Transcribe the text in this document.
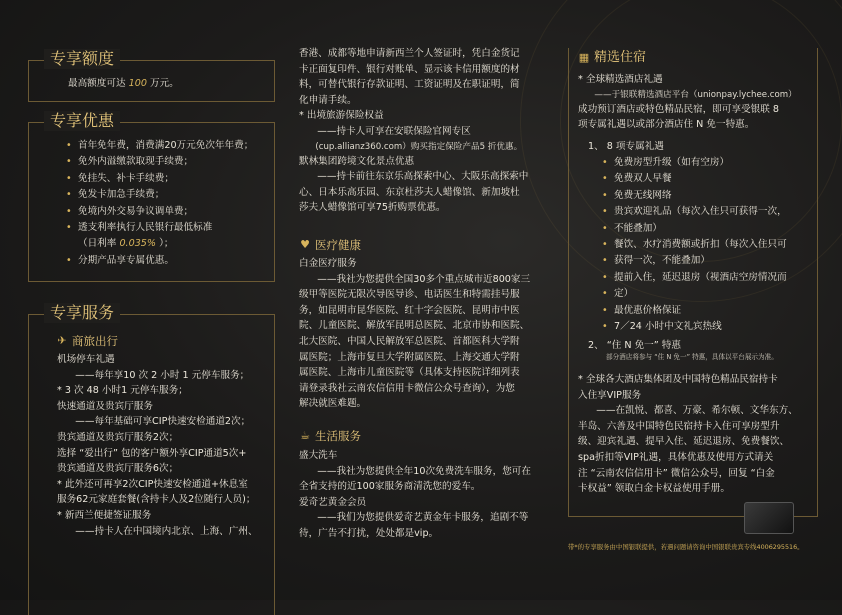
专享额度
最高额度可达 100 万元。
专享优惠
• 首年免年费，消费满20万元免次年年费；
• 免外内溢缴款取现手续费；
• 免挂失、补卡手续费；
• 免发卡加急手续费；
• 免境内外交易争议调单费；
• 透支利率执行人民银行最低标准
（日利率 0.035% ）；
• 分期产品享专属优惠。
专享服务
✈ 商旅出行
机场停车礼遇
——每年享10 次 2 小时 1 元停车服务；
* 3 次 48 小时1 元停车服务；
快速通道及贵宾厅服务
——每年基础可享CIP快速安检通道2次；
贵宾通道及贵宾厅服务2次；
选择 “爱出行” 包的客户额外享CIP通道5次+
贵宾通道及贵宾厅服务6次；
* 此外还可再享2次CIP快速安检通道+休息室
服务62元家庭套餐(含持卡人及2位随行人员)；
* 新西兰便捷签证服务
——持卡人在中国境内北京、上海、广州、
香港、成都等地申请新西兰个人签证时，凭白金货记
卡正面复印件、银行对账单、显示该卡信用额度的材
料，可替代银行存款证明、工资证明及在职证明，简
化申请手续。
* 出境旅游保险权益
——持卡人可享在安联保险官网专区
(cup.allianz360.com）购买指定保险产品5 折优惠。
默林集团跨境文化景点优惠
——持卡前往东京乐高探索中心、大阪乐高探索中
心、日本乐高乐园、东京杜莎夫人蜡像馆、新加坡杜
莎夫人蜡像馆可享75折购票优惠。
♥ 医疗健康
白金医疗服务
——我社为您提供全国30多个重点城市近800家三
级甲等医院无限次导医导诊、电话医生和特需挂号服
务，如昆明市昆华医院、红十字会医院、昆明市中医
院、儿童医院、解放军昆明总医院、北京市协和医院、
北大医院、中国人民解放军总医院、首都医科大学附
属医院；上海市复旦大学附属医院、上海交通大学附
属医院、上海市儿童医院等（具体支持医院详细列表
请登录我社云南农信信用卡微信公众号查询），为您
解决就医难题。
☕ 生活服务
盛大洗车
——我社为您提供全年10次免费洗车服务，您可在
全省支持的近100家服务商清洗您的爱车。
爱奇艺黄金会员
——我们为您提供爱奇艺黄金年卡服务，追剧不等
待，广告不打扰，处处都是vip。
▦ 精选住宿
* 全球精选酒店礼遇
——于银联精选酒店平台（unionpay.lychee.com）
成功预订酒店或特色精品民宿，即可享受银联 8
项专属礼遇以或部分酒店住 N 免一特惠。
1、 8 项专属礼遇
• 免费房型升级（如有空房）
• 免费双人早餐
• 免费无线网络
• 贵宾欢迎礼品（每次入住只可获得一次，
• 不能叠加）
• 餐饮、水疗消费额或折扣（每次入住只可
• 获得一次，不能叠加）
• 提前入住，延迟退房（视酒店空房情况而
• 定）
• 最优惠价格保证
• 7／24 小时中文礼宾热线
2、 “住 N 免一” 特惠
部分酒店将参与 “住 N 免一” 特惠，具体以平台展示为准。
* 全球各大酒店集体团及中国特色精品民宿持卡
入住享VIP服务
——在凯悦、都喜、万豪、希尔顿、文华东方、
半岛、六善及中国特色民宿持卡入住可享房型升
级、迎宾礼遇、提早入住、延迟退房、免费餐饮、
spa折扣等VIP礼遇，具体优惠及使用方式请关
注 “云南农信信用卡” 微信公众号，回复 “白金
卡权益” 领取白金卡权益使用手册。
带*的专享服务由中国银联提供，若遇问题请咨询中国银联贵宾专线4006295516。
